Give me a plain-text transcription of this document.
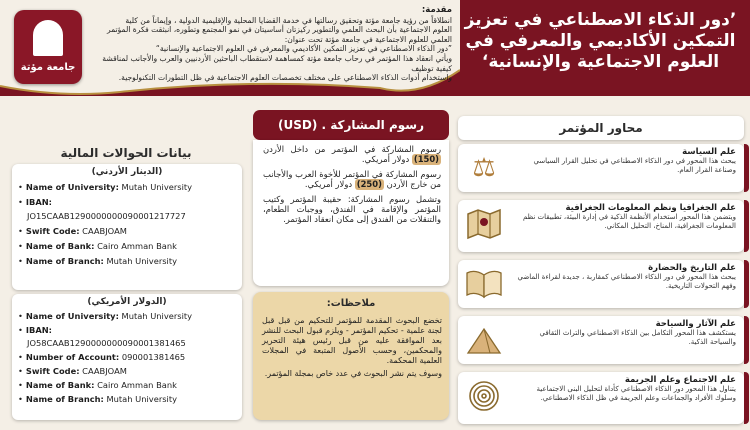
جامعة مؤتة

مقدمة:

انطلاقاً من رؤية جامعة مؤتة وتحقيق رسالتها في خدمة القضايا المحلية والإقليمية الدولية ، وإيماناً من كلية

العلوم الاجتماعية بأن البحث العلمي والتطوير ركيزتان أساسيتان في نمو المجتمع وتطوره، انبثقت فكرة المؤتمر

العلمي للعلوم الاجتماعية في جامعة مؤتة تحت عنوان:

”دور الذكاء الاصطناعي في تعزيز التمكين الأكاديمي والمعرفي في العلوم الاجتماعية والإنسانية“

ويأتي انعقاد هذا المؤتمر في رحاب جامعة مؤتة كمساهمة لاستقطاب الباحثين الأردنيين والعرب والأجانب لمناقشة كيفية توظيف

واستخدام أدوات الذكاء الاصطناعي على مختلف تخصصات العلوم الاجتماعية في ظل التطورات التكنولوجية.

’دور الذكاء الاصطناعي في تعزيز
التمكين الأكاديمي والمعرفي في
العلوم الاجتماعية والإنسانية‘
محاور المؤتمر
⚖
علم السياسة
يبحث هذا المحور في دور الذكاء الاصطناعي في تحليل القرار السياسي وصناعة القرار العام.
علم الجغرافيا ونظم المعلومات الجغرافية
ويتضمن هذا المحور استخدام الأنظمة الذكية في إدارة البيئة، تطبيقات نظم المعلومات الجغرافية، المناخ، التحليل المكاني.
علم التاريخ والحضارة
يبحث هذا المحور في دور الذكاء الاصطناعي كمقاربة ، جديدة لقراءة الماضي وفهم التحولات التاريخية.
علم الآثار والسياحة
يستكشف هذا المحور التكامل بين الذكاء الاصطناعي والتراث الثقافي والسياحة الذكية.
علم الاجتماع وعلم الجريمة
يتناول هذا المحور دور الذكاء الاصطناعي كأداة لتحليل البنى الاجتماعية وسلوك الأفراد والجماعات وعلم الجريمة في ظل الذكاء الاصطناعي.
رسوم المشاركة . (USD)

رسوم المشاركة في المؤتمر من داخل الأردن (150) دولار أمريكي.

رسوم المشاركة في المؤتمر للأخوة العرب والأجانب من خارج الأردن (250) دولار أمريكي.

وتشمل رسوم المشاركة: حقيبة المؤتمر وكتيب المؤتمر والإقامة في الفندق، ووجبات الطعام، والتنقلات من الفندق إلى مكان انعقاد المؤتمر.

ملاحظات:

تخضع البحوث المقدمة للمؤتمر للتحكيم من قبل قبل لجنة علمية - تحكيم المؤتمر - ويلزم قبول البحث للنشر بعد الموافقة عليه من قبل رئيس هيئة التحرير والمحكمين، وحسب الأصول المتبعة في المجلات العلمية المحكمة.

وسوف يتم نشر البحوث في عدد خاص بمجلة المؤتمر.

بيانات الحوالات المالية
(الدينار الأردني)
• Name of University: Mutah University
• IBAN:
JO15CAAB1290000000090001217727
• Swift Code: CAABJOAM
• Name of Bank: Cairo Amman Bank
• Name of Branch: Mutah University
(الدولار الأمريكي)
• Name of University: Mutah University
• IBAN:
JO58CAAB1290000000090001381465
• Number of Account: 090001381465
• Swift Code: CAABJOAM
• Name of Bank: Cairo Amman Bank
• Name of Branch: Mutah University
